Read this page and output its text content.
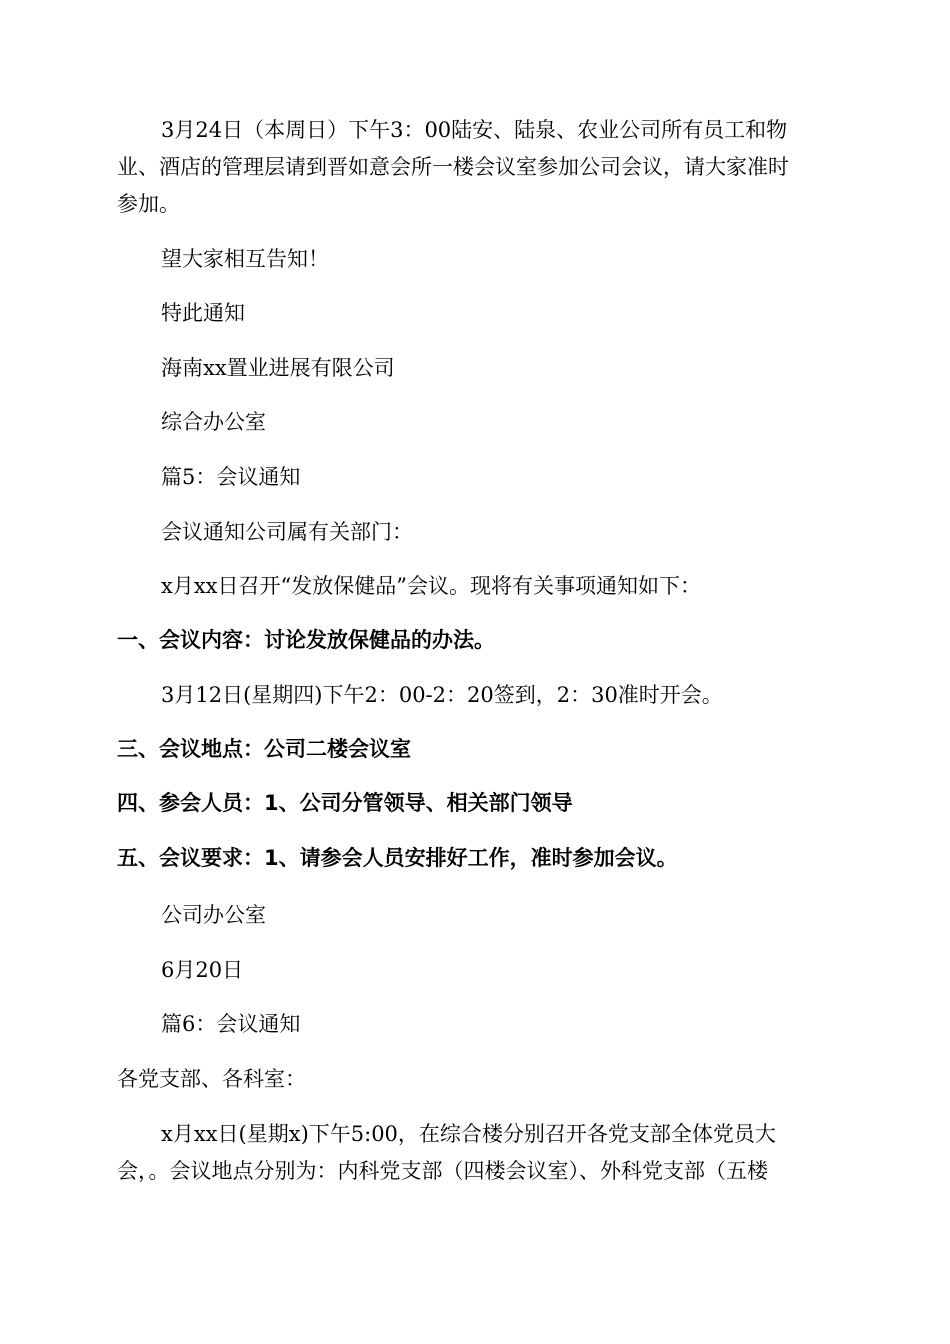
3月24日（本周日）下午3：00陆安、陆泉、农业公司所有员工和物
业、酒店的管理层请到晋如意会所一楼会议室参加公司会议，请大家准时
参加。
望大家相互告知！
特此通知
海南xx置业进展有限公司
综合办公室
篇5：会议通知
会议通知公司属有关部门：
x月xx日召开“发放保健品”会议。现将有关事项通知如下：
一、会议内容：讨论发放保健品的办法。
3月12日(星期四)下午2：00-2：20签到，2：30准时开会。
三、会议地点：公司二楼会议室
四、参会人员：1、公司分管领导、相关部门领导
五、会议要求：1、请参会人员安排好工作，准时参加会议。
公司办公室
6月20日
篇6：会议通知
各党支部、各科室：
x月xx日(星期x)下午5:00，在综合楼分别召开各党支部全体党员大
会，。会议地点分别为：内科党支部（四楼会议室）、外科党支部（五楼
